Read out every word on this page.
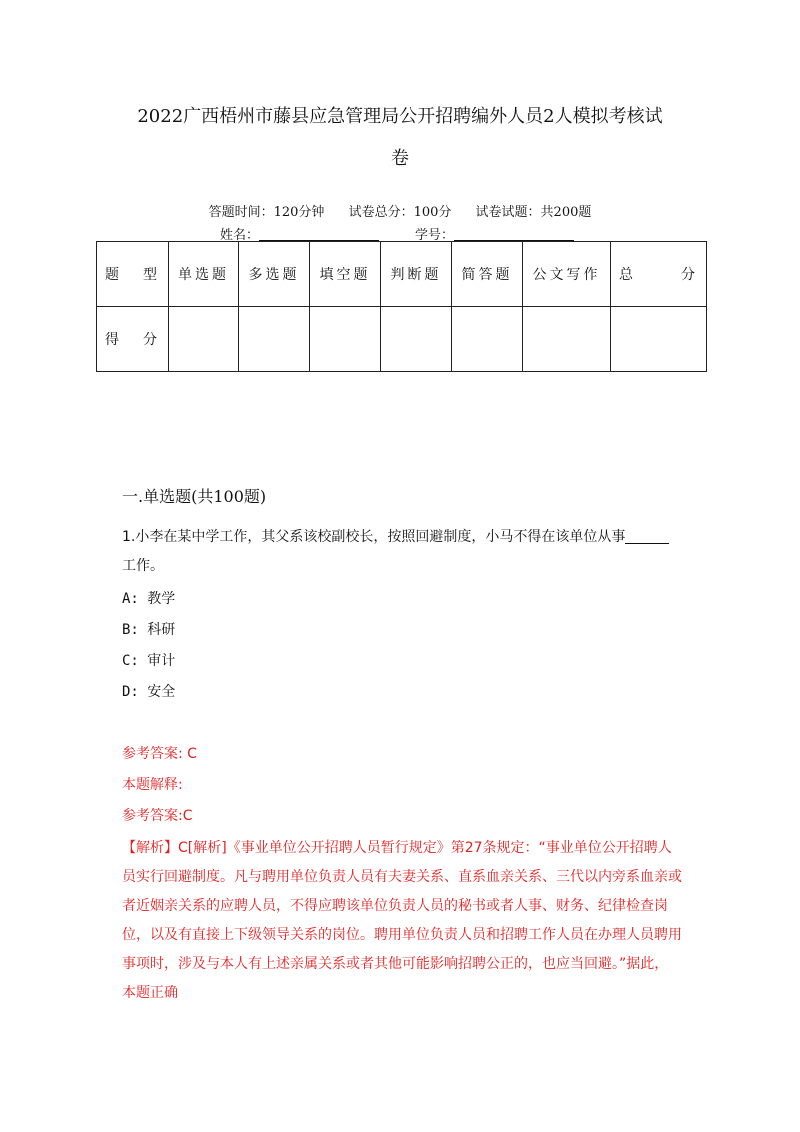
2022广西梧州市藤县应急管理局公开招聘编外人员2人模拟考核试
卷
答题时间：120分钟 试卷总分：100分 试卷试题：共200题
姓名：	学号：
题 型	单选题	多选题	填空题	判断题	简答题	公文写作	总 分
得 分							
一.单选题(共100题)
1.小李在某中学工作，其父系该校副校长，按照回避制度，小马不得在该单位从事工作。
A: 教学
B: 科研
C: 审计
D: 安全
参考答案: C
本题解释:
参考答案:C
【解析】C[解析]《事业单位公开招聘人员暂行规定》第27条规定：“事业单位公开招聘人员实行回避制度。凡与聘用单位负责人员有夫妻关系、直系血亲关系、三代以内旁系血亲或者近姻亲关系的应聘人员，不得应聘该单位负责人员的秘书或者人事、财务、纪律检查岗位，以及有直接上下级领导关系的岗位。聘用单位负责人员和招聘工作人员在办理人员聘用事项时，涉及与本人有上述亲属关系或者其他可能影响招聘公正的，也应当回避。”据此，本题正确
